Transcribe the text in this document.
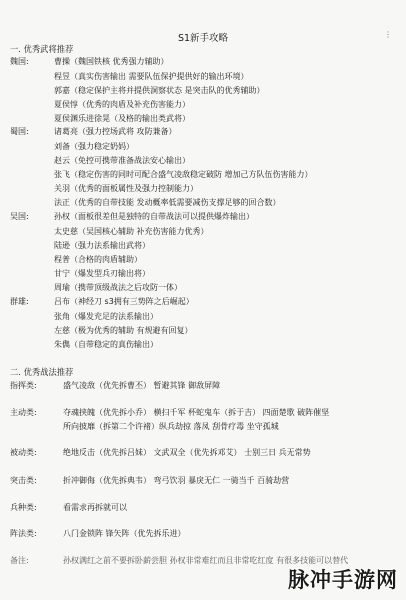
S1新手攻略	⋮
一. 优秀武将推荐
魏国:	曹操（魏国铁核 优秀强力辅助）
程昱（真实伤害输出 需要队伍保护提供好的输出环境）
郭嘉（稳定保护主将并提供洞察状态 是突击队的优秀辅助）
夏侯惇（优秀的肉盾及补充伤害能力）
夏侯渊乐进徐晃（及格的输出类武将）
蜀国:	诸葛亮（强力控场武将 攻防兼备）
刘备（强力稳定奶妈）
赵云（免控可携带准备战法安心输出）
张飞（稳定伤害的同时可配合盛气凌敌稳定破防 增加己方队伍伤害能力）
关羽（优秀的面板属性及强力控制能力）
法正（优秀的自带技能 发动概率低需要减伤支撑足够的回合数）
吴国:	孙权（面板很差但是独特的自带战法可以提供爆炸输出）
太史慈（吴国核心辅助 补充伤害能力优秀）
陆逊（强力法系输出武将）
程普（合格的肉盾辅助）
甘宁（爆发型兵刃输出将）
周瑜（携带顶级战法之后攻防一体）
群雄:	吕布（神经刀 s3拥有三势阵之后崛起）
张角（爆发充足的法系输出）
左慈（极为优秀的辅助 有规避有回复）
朱儁（自带稳定的真伤输出）
二. 优秀战法推荐
指挥类:	盛气凌敌（优先拆曹丕） 暂避其锋 御敌屏障
主动类:	夺魂挟魄（优先拆小乔） 横扫千军 杯蛇鬼车（拆于吉） 四面楚歌 破阵催坚
所向披靡（拆第二个许褚）纵兵劫掠 落凤 刮骨疗毒 坐守孤城
被动类:	绝地反击（优先拆吕妹） 文武双全（优先拆邓艾） 士别三日 兵无常势
突击类:	折冲御侮（优先拆典韦） 弯弓饮羽 暴戾无仁 一骑当千 百骑劫营
兵种类:	看需求再拆就可以
阵法类:	八门金锁阵 锋矢阵（优先拆乐进）
备注:	孙权满红之前不要拆卧薪尝胆 孙权非常难红而且非常吃红度 有很多技能可以替代
脉冲手游网
